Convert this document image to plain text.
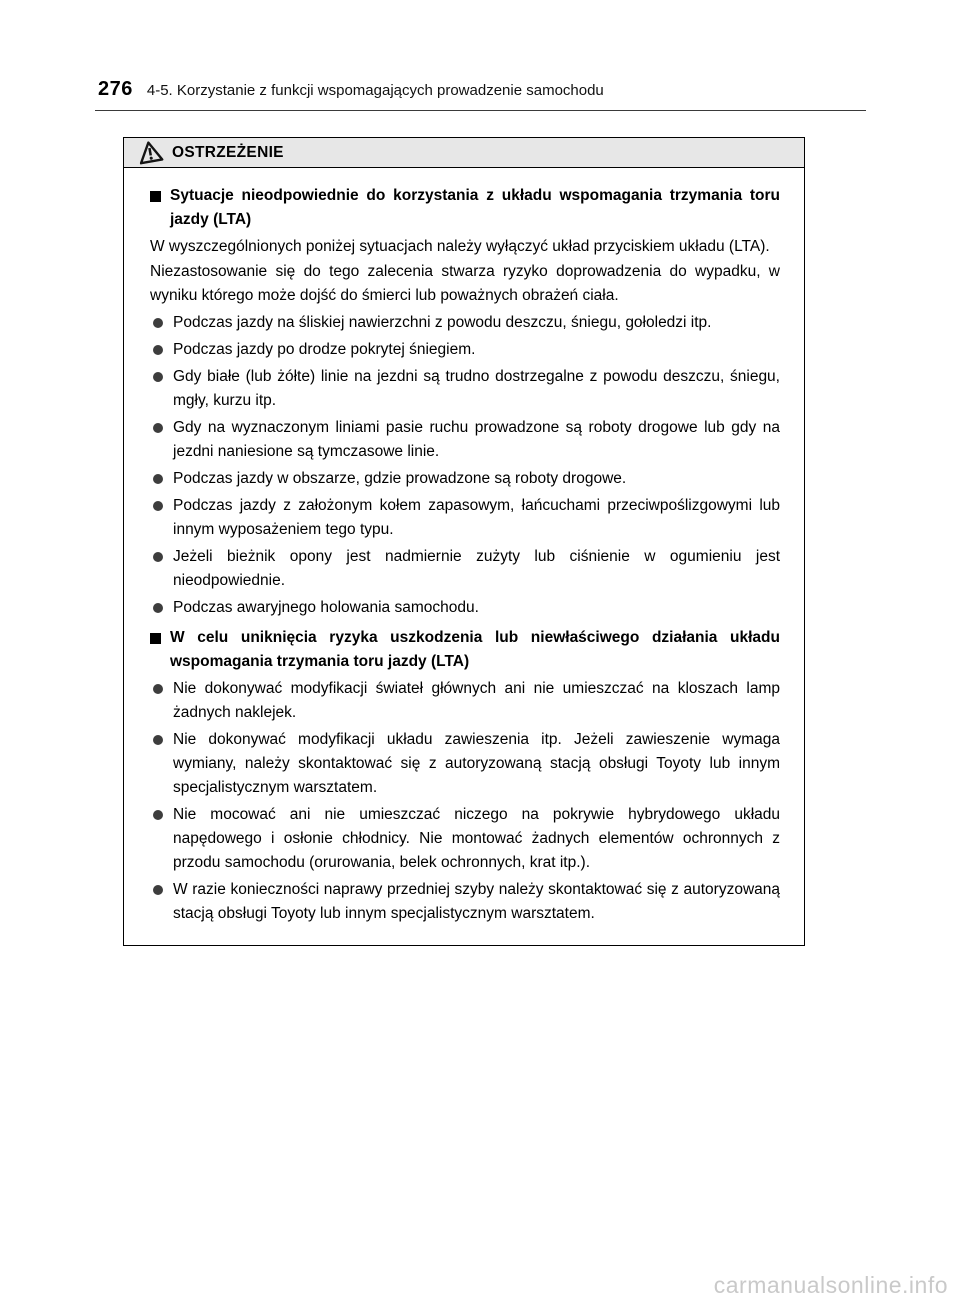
276 4-5. Korzystanie z funkcji wspomagających prowadzenie samochodu
OSTRZEŻENIE
Sytuacje nieodpowiednie do korzystania z układu wspomagania trzymania toru jazdy (LTA)
W wyszczególnionych poniżej sytuacjach należy wyłączyć układ przyciskiem układu (LTA).
Niezastosowanie się do tego zalecenia stwarza ryzyko doprowadzenia do wypadku, w wyniku którego może dojść do śmierci lub poważnych obrażeń ciała.
Podczas jazdy na śliskiej nawierzchni z powodu deszczu, śniegu, gołoledzi itp.
Podczas jazdy po drodze pokrytej śniegiem.
Gdy białe (lub żółte) linie na jezdni są trudno dostrzegalne z powodu deszczu, śniegu, mgły, kurzu itp.
Gdy na wyznaczonym liniami pasie ruchu prowadzone są roboty drogowe lub gdy na jezdni naniesione są tymczasowe linie.
Podczas jazdy w obszarze, gdzie prowadzone są roboty drogowe.
Podczas jazdy z założonym kołem zapasowym, łańcuchami przeciwpoślizgowymi lub innym wyposażeniem tego typu.
Jeżeli bieżnik opony jest nadmiernie zużyty lub ciśnienie w ogumieniu jest nieodpowiednie.
Podczas awaryjnego holowania samochodu.
W celu uniknięcia ryzyka uszkodzenia lub niewłaściwego działania układu wspomagania trzymania toru jazdy (LTA)
Nie dokonywać modyfikacji świateł głównych ani nie umieszczać na kloszach lamp żadnych naklejek.
Nie dokonywać modyfikacji układu zawieszenia itp. Jeżeli zawieszenie wymaga wymiany, należy skontaktować się z autoryzowaną stacją obsługi Toyoty lub innym specjalistycznym warsztatem.
Nie mocować ani nie umieszczać niczego na pokrywie hybrydowego układu napędowego i osłonie chłodnicy. Nie montować żadnych elementów ochronnych z przodu samochodu (orurowania, belek ochronnych, krat itp.).
W razie konieczności naprawy przedniej szyby należy skontaktować się z autoryzowaną stacją obsługi Toyoty lub innym specjalistycznym warsztatem.
carmanualsonline.info
